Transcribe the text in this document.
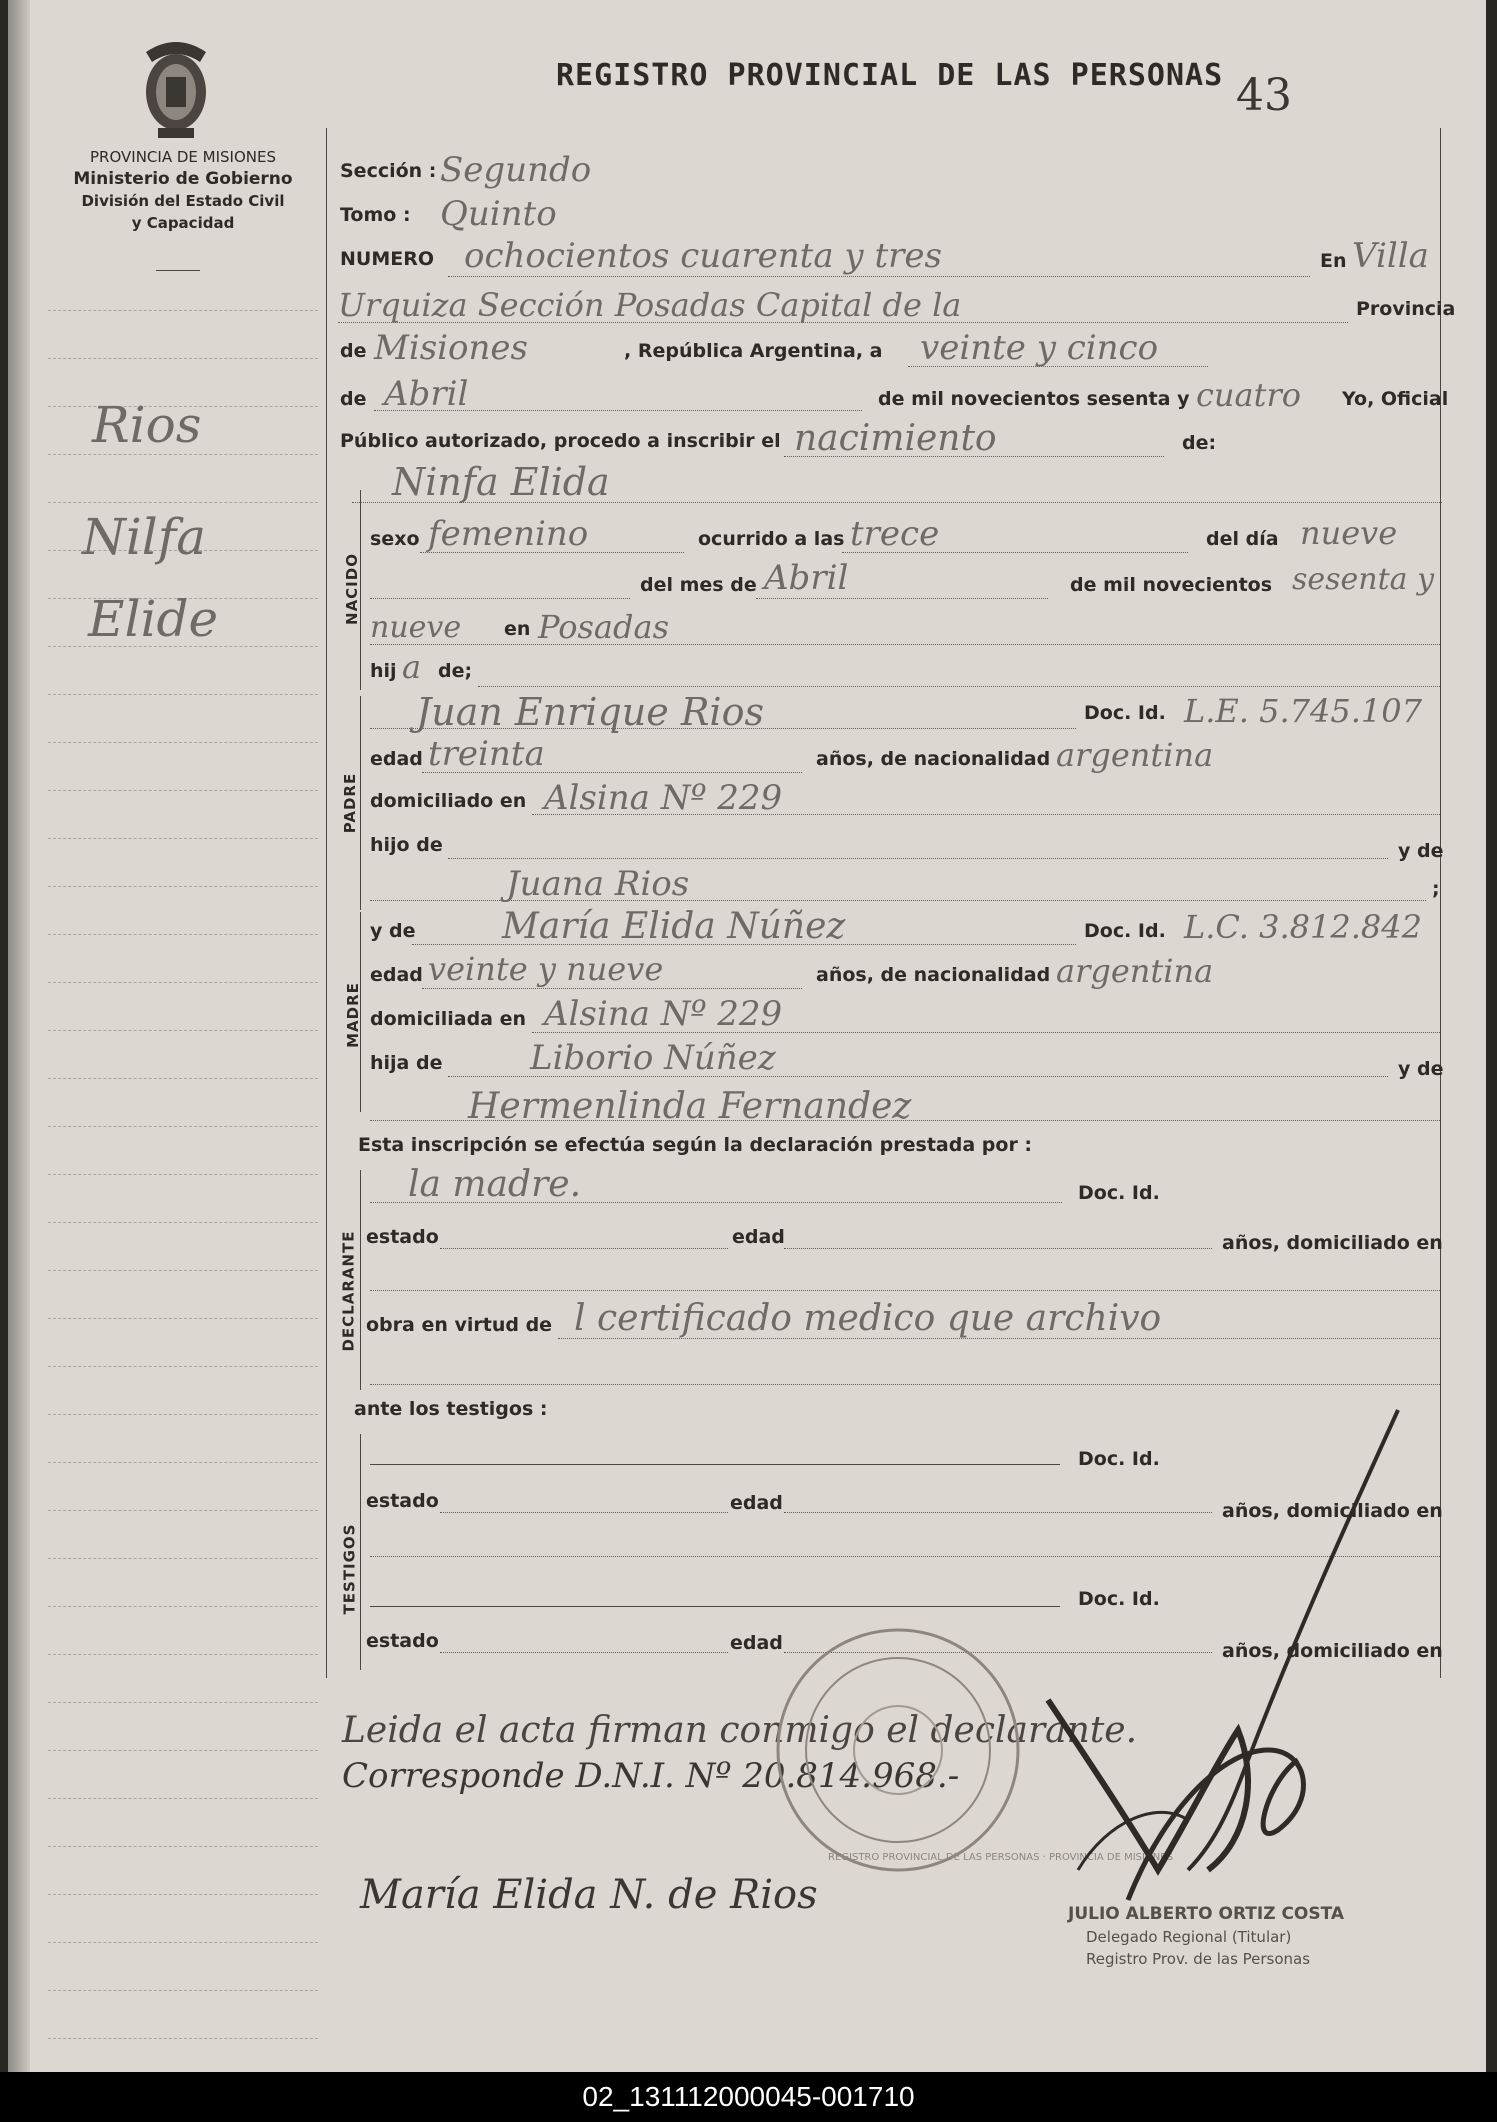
PROVINCIA DE MISIONES
Ministerio de Gobierno
División del Estado Civil
y Capacidad
REGISTRO PROVINCIAL DE LAS PERSONAS 43
Rios
Nilfa
Elide
Sección : Segundo
Tomo : Quinto
NUMERO ochocientos cuarenta y tres	En Villa
Urquiza Sección Posadas Capital de la	Provincia
de Misiones	, República Argentina, a veinte y cinco
de Abril	de mil novecientos sesenta y cuatro Yo, Oficial
Público autorizado, procedo a inscribir el nacimiento	de:
Ninfa Elida
NACIDO
sexo femenino	ocurrido a las trece	del día nueve
del mes de Abril	de mil novecientos sesenta y
nueve en Posadas
hij a de;
PADRE
Juan Enrique Rios	Doc. Id. L.E. 5.745.107
edad treinta	años, de nacionalidad argentina
domiciliado en Alsina Nº 229
hijo de	y de
Juana Rios	;
MADRE
y de María Elida Núñez	Doc. Id. L.C. 3.812.842
edad veinte y nueve	años, de nacionalidad argentina
domiciliada en Alsina Nº 229
hija de	Liborio Núñez	y de
Hermenlinda Fernandez
Esta inscripción se efectúa según la declaración prestada por :
DECLARANTE
la madre.	Doc. Id.
estado	edad	años, domiciliado en
obra en virtud de l certificado medico que archivo
ante los testigos :
TESTIGOS
Doc. Id.
estado	edad	años, domiciliado en
Doc. Id.
estado	edad	años, domiciliado en
Leida el acta firman conmigo el declarante.
Corresponde D.N.I. Nº 20.814.968.-
REGISTRO PROVINCIAL DE LAS PERSONAS · PROVINCIA DE MISIONES
María Elida N. de Rios	JULIO ALBERTO ORTIZ COSTA
Delegado Regional (Titular)
Registro Prov. de las Personas
02_131112000045-001710
